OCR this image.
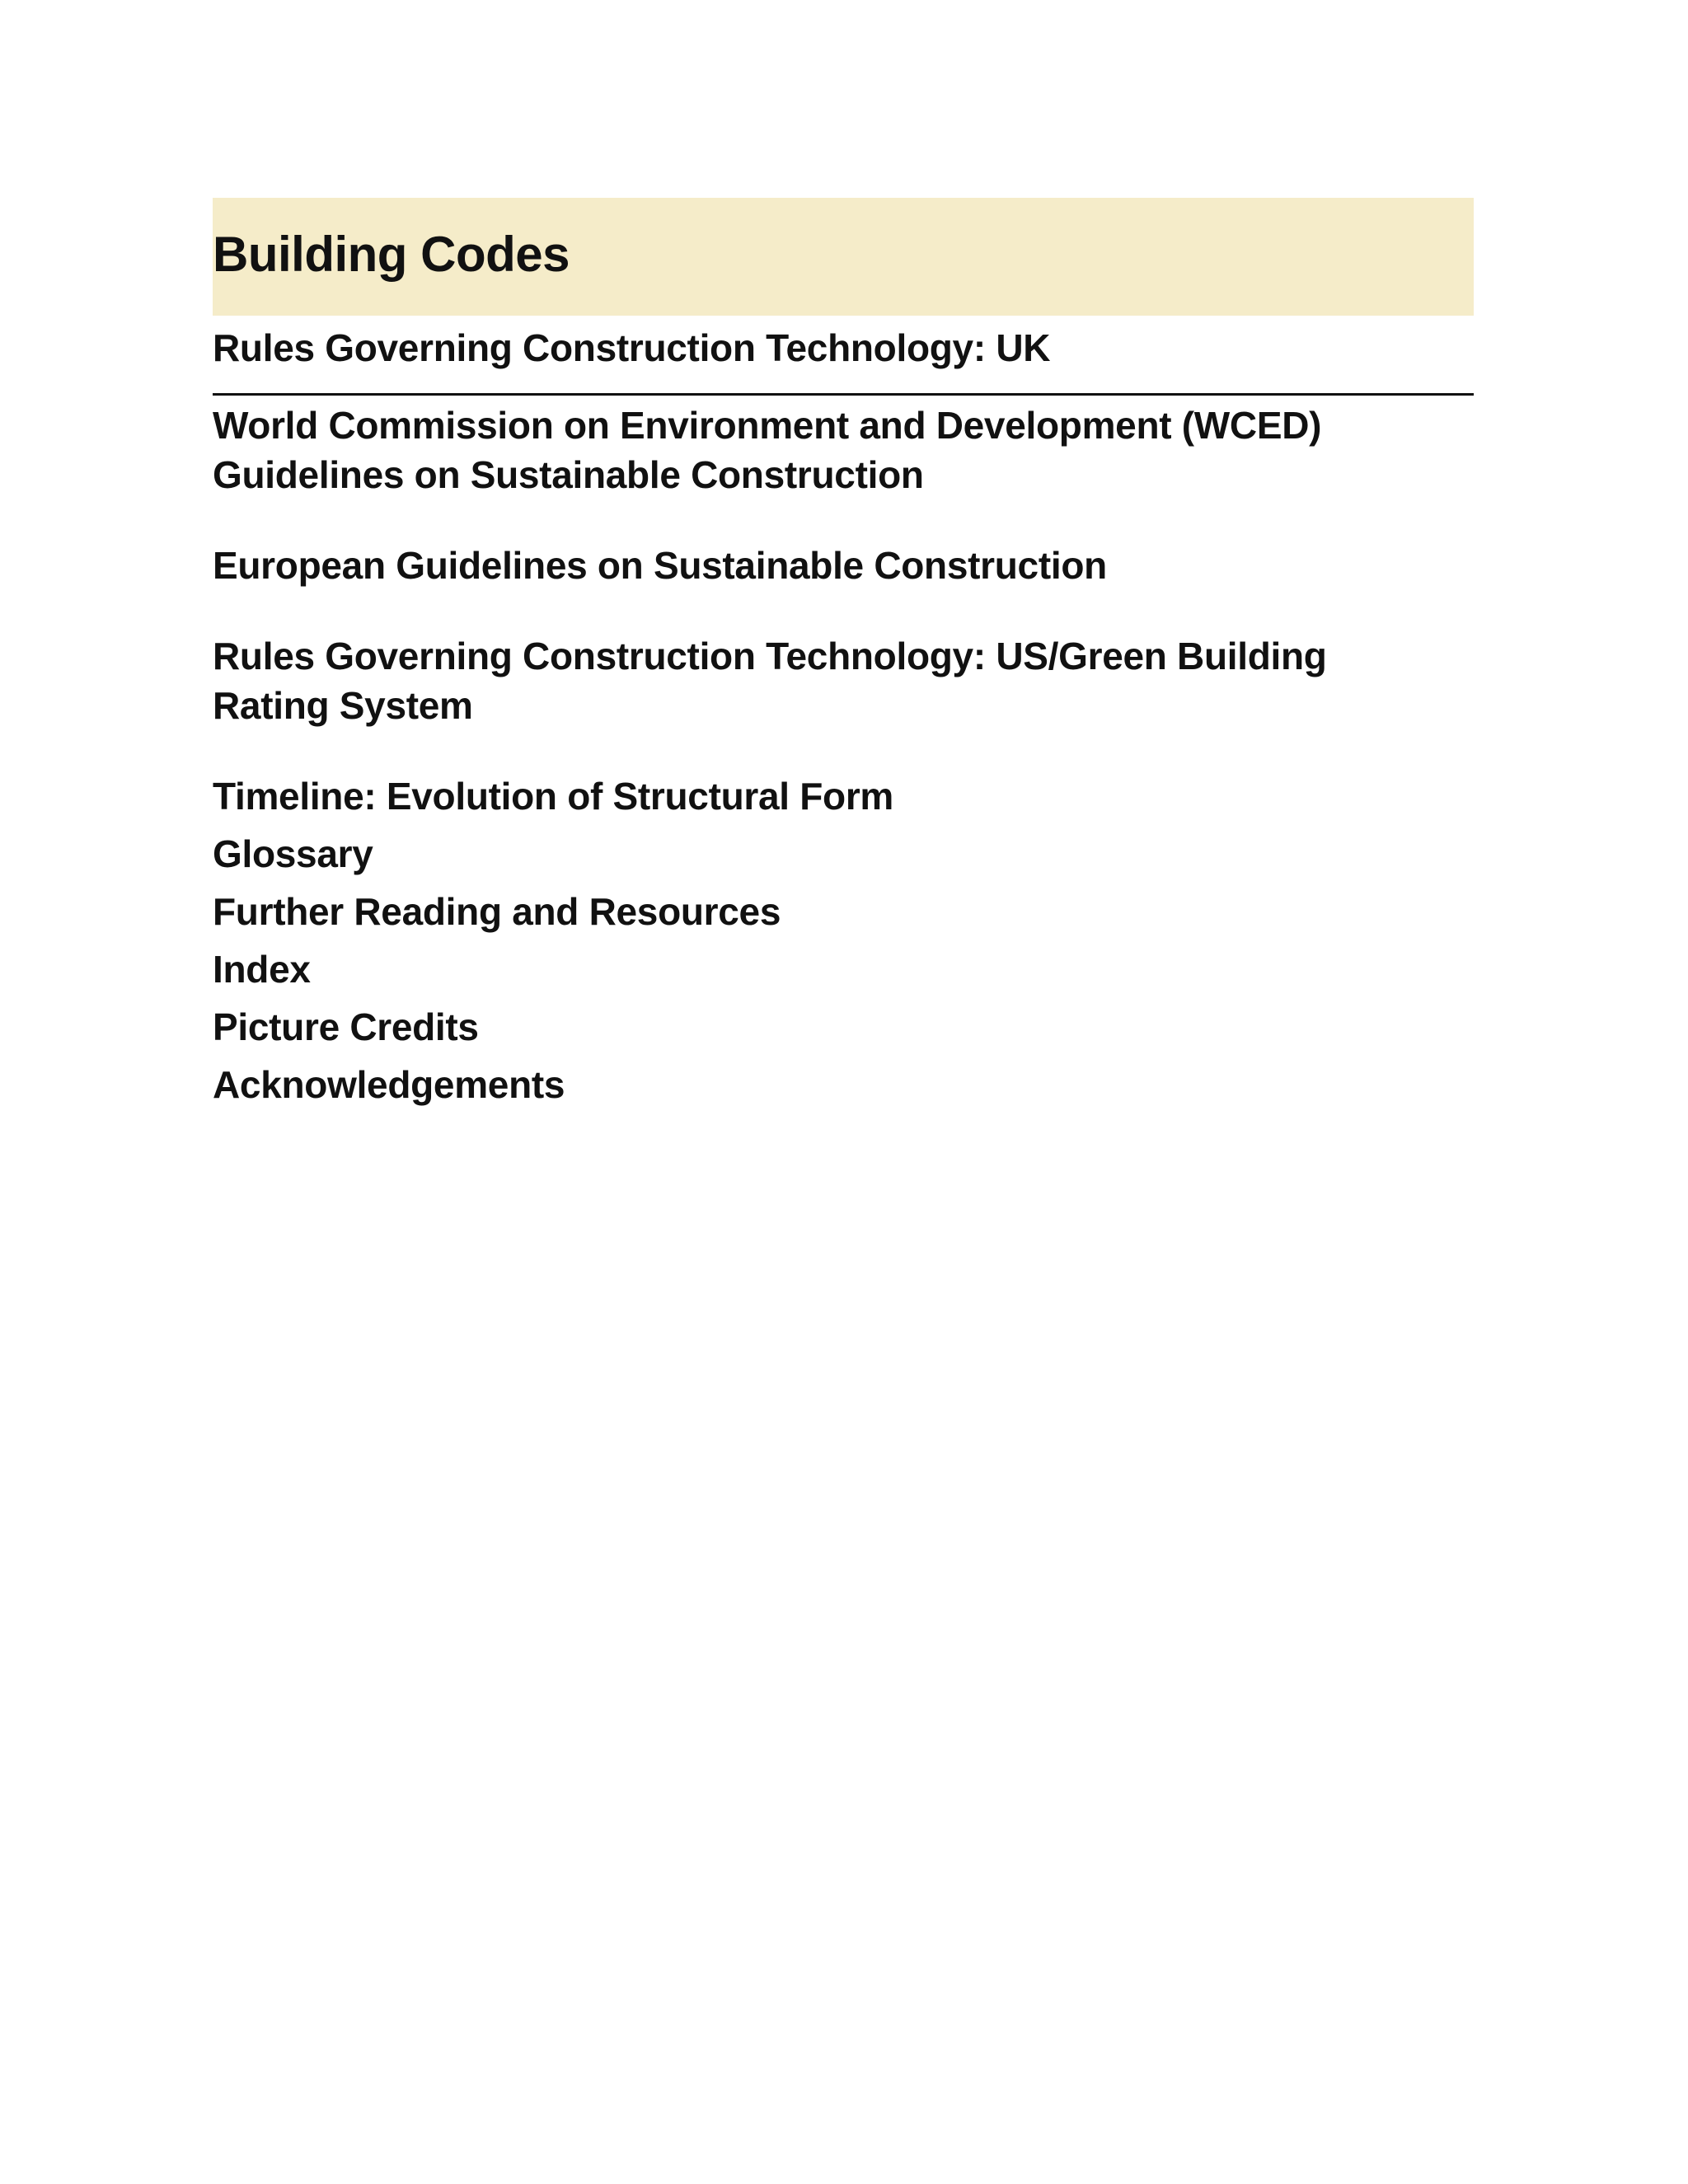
Building Codes
Rules Governing Construction Technology: UK
World Commission on Environment and Development (WCED)
Guidelines on Sustainable Construction
European Guidelines on Sustainable Construction
Rules Governing Construction Technology: US/Green Building
Rating System
Timeline: Evolution of Structural Form
Glossary
Further Reading and Resources
Index
Picture Credits
Acknowledgements
